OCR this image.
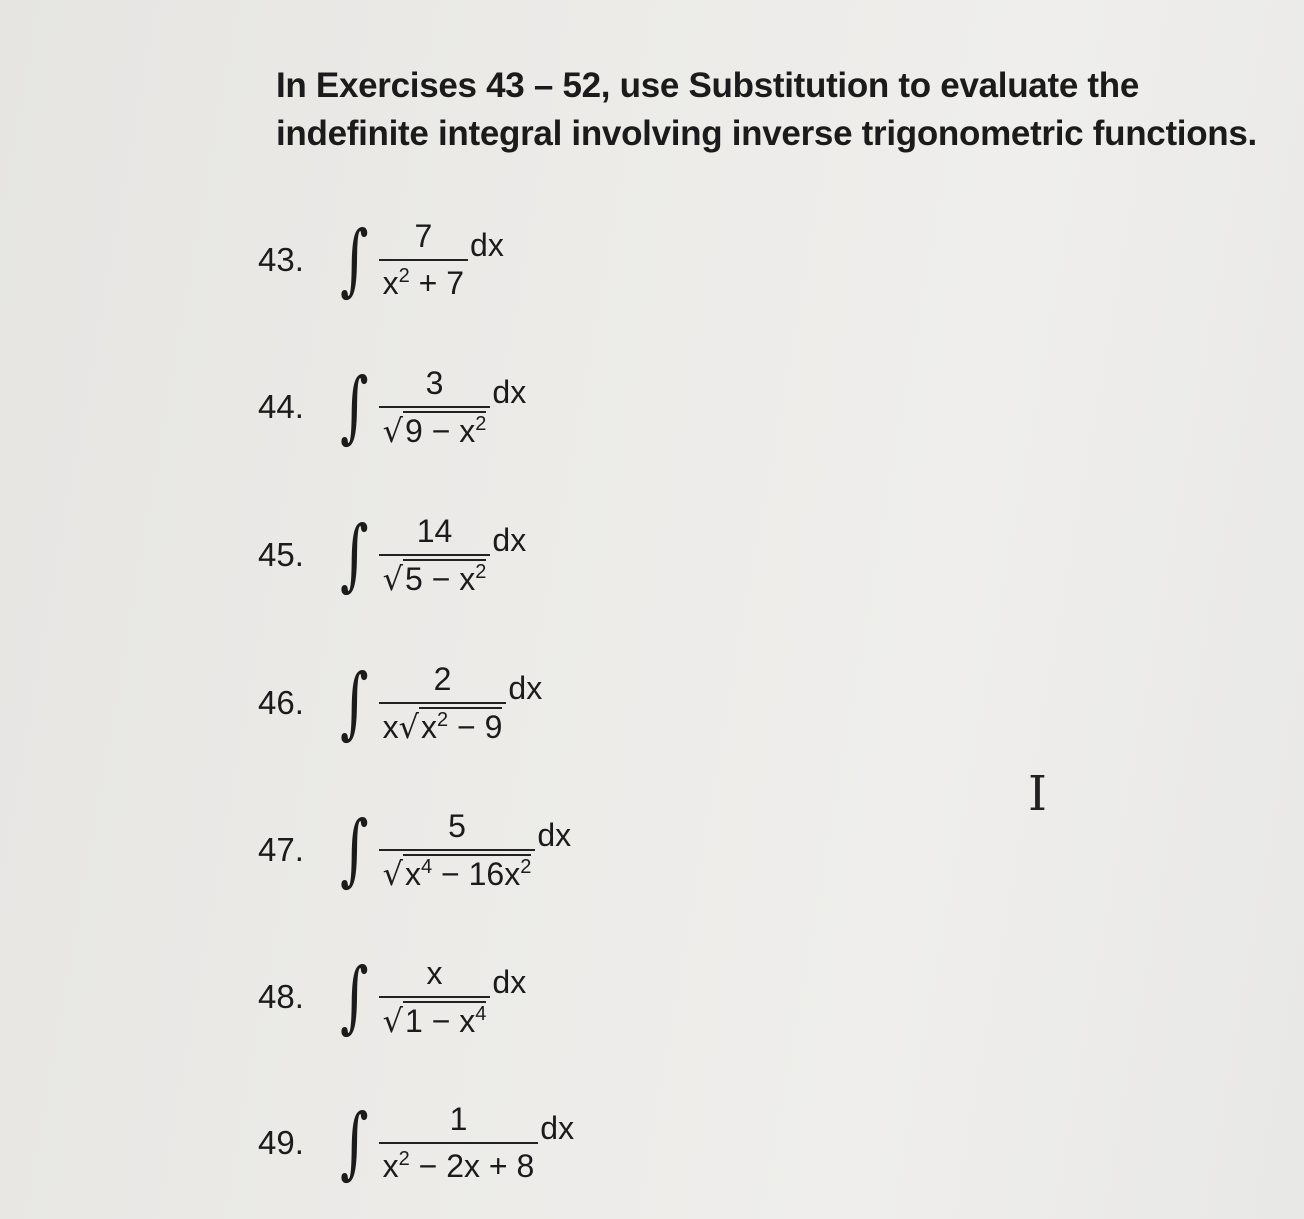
In Exercises 43 – 52, use Substitution to evaluate the indefinite integral involving inverse trigonometric functions.
43. ∫ $\frac{7}{x^2 + 7}$ dx
44. ∫ $\frac{3}{√9 - x^2}$ dx
45. ∫ $\frac{14}{√5 - x^2}$ dx
46. ∫ $\frac{2}{x√x^2 - 9}$ dx
47. ∫ $\frac{5}{√x^4 - 16x^2}$ dx
48. ∫ $\frac{x}{√1 - x^4}$ dx
49. ∫ $\frac{1}{x^2 - 2x + 8}$ dx
I
